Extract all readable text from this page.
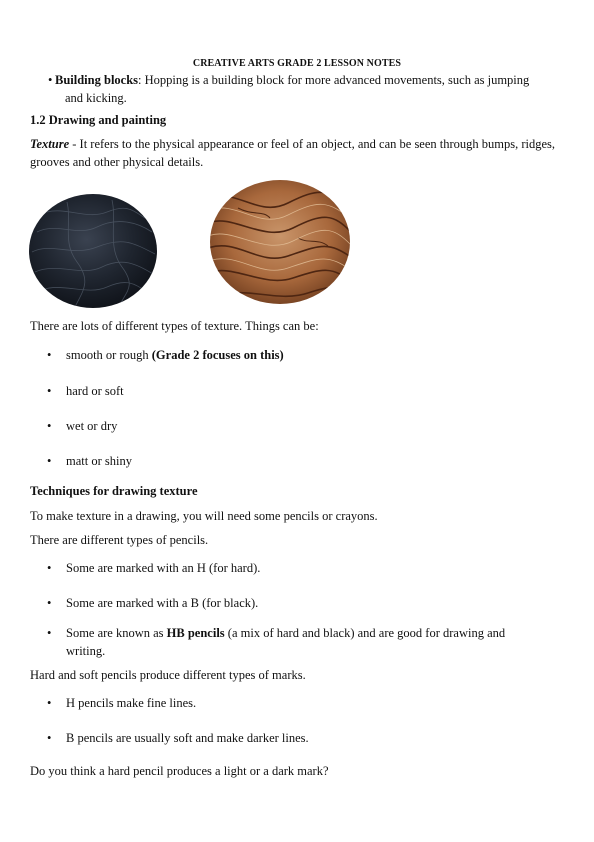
CREATIVE ARTS GRADE 2 LESSON NOTES
• Building blocks: Hopping is a building block for more advanced movements, such as jumping
and kicking.
1.2 Drawing and painting
Texture - It refers to the physical appearance or feel of an object, and can be seen through bumps, ridges, grooves and other physical details.
There are lots of different types of texture. Things can be:
•	smooth or rough (Grade 2 focuses on this)
•	hard or soft
•	wet or dry
•	matt or shiny
Techniques for drawing texture
To make texture in a drawing, you will need some pencils or crayons.
There are different types of pencils.
•	Some are marked with an H (for hard).
•	Some are marked with a B (for black).
•	Some are known as HB pencils (a mix of hard and black) and are good for drawing and
writing.
Hard and soft pencils produce different types of marks.
•	H pencils make fine lines.
•	B pencils are usually soft and make darker lines.
Do you think a hard pencil produces a light or a dark mark?
